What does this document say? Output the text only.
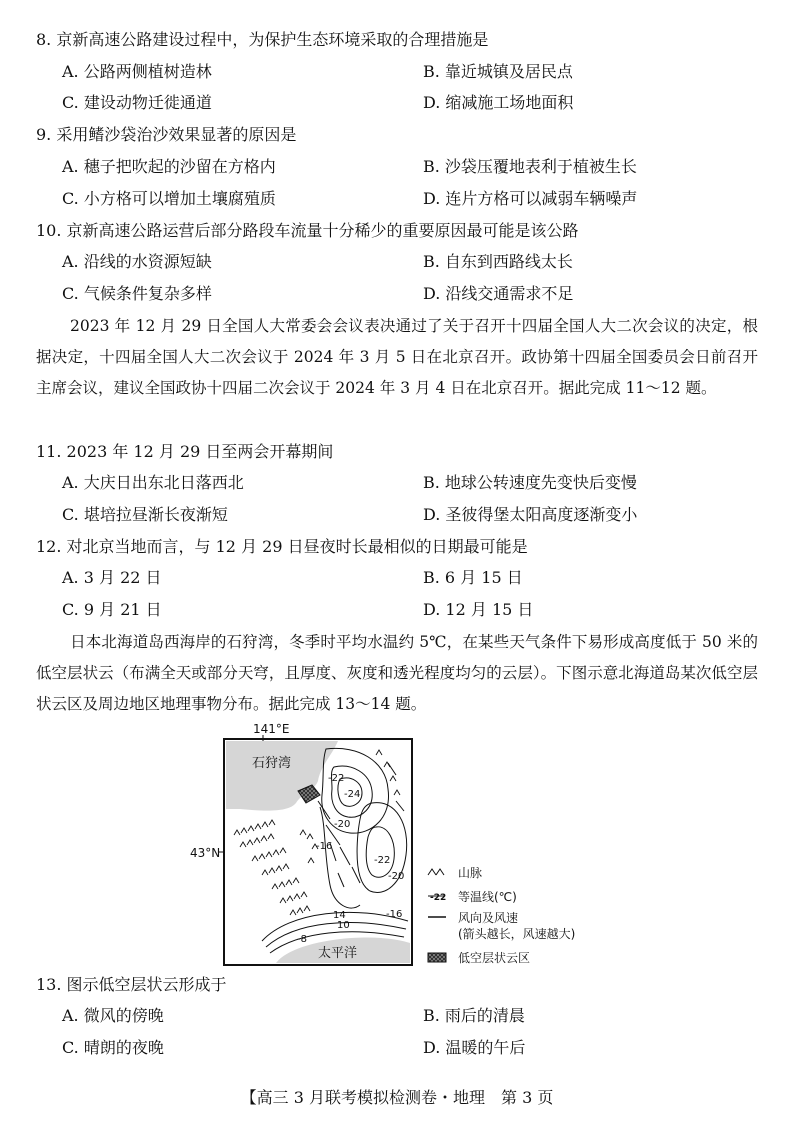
8. 京新高速公路建设过程中，为保护生态环境采取的合理措施是
A. 公路两侧植树造林	B. 靠近城镇及居民点
C. 建设动物迁徙通道	D. 缩减施工场地面积
9. 采用鳍沙袋治沙效果显著的原因是
A. 穗子把吹起的沙留在方格内	B. 沙袋压覆地表利于植被生长
C. 小方格可以增加土壤腐殖质	D. 连片方格可以减弱车辆噪声
10. 京新高速公路运营后部分路段车流量十分稀少的重要原因最可能是该公路
A. 沿线的水资源短缺	B. 自东到西路线太长
C. 气候条件复杂多样	D. 沿线交通需求不足
2023 年 12 月 29 日全国人大常委会会议表决通过了关于召开十四届全国人大二次会议的决定，根据决定，十四届全国人大二次会议于 2024 年 3 月 5 日在北京召开。政协第十四届全国委员会日前召开主席会议，建议全国政协十四届二次会议于 2024 年 3 月 4 日在北京召开。据此完成 11～12 题。
11. 2023 年 12 月 29 日至两会开幕期间
A. 大庆日出东北日落西北	B. 地球公转速度先变快后变慢
C. 堪培拉昼渐长夜渐短	D. 圣彼得堡太阳高度逐渐变小
12. 对北京当地而言，与 12 月 29 日昼夜时长最相似的日期最可能是
A. 3 月 22 日	B. 6 月 15 日
C. 9 月 21 日	D. 12 月 15 日
日本北海道岛西海岸的石狩湾，冬季时平均水温约 5℃，在某些天气条件下易形成高度低于 50 米的低空层状云（布满全天或部分天穹，且厚度、灰度和透光程度均匀的云层）。下图示意北海道岛某次低空层状云区及周边地区地理事物分布。据此完成 13～14 题。
141°E
石狩湾
-22
-24
-20
-16
-22
-20
-16
14
10
-8
太平洋
43°N
山脉
-22 等温线(℃)
风向及风速
(箭头越长，风速越大)
低空层状云区
13. 图示低空层状云形成于
A. 微风的傍晚	B. 雨后的清晨
C. 晴朗的夜晚	D. 温暖的午后
【高三 3 月联考模拟检测卷・地理　第 3 页
